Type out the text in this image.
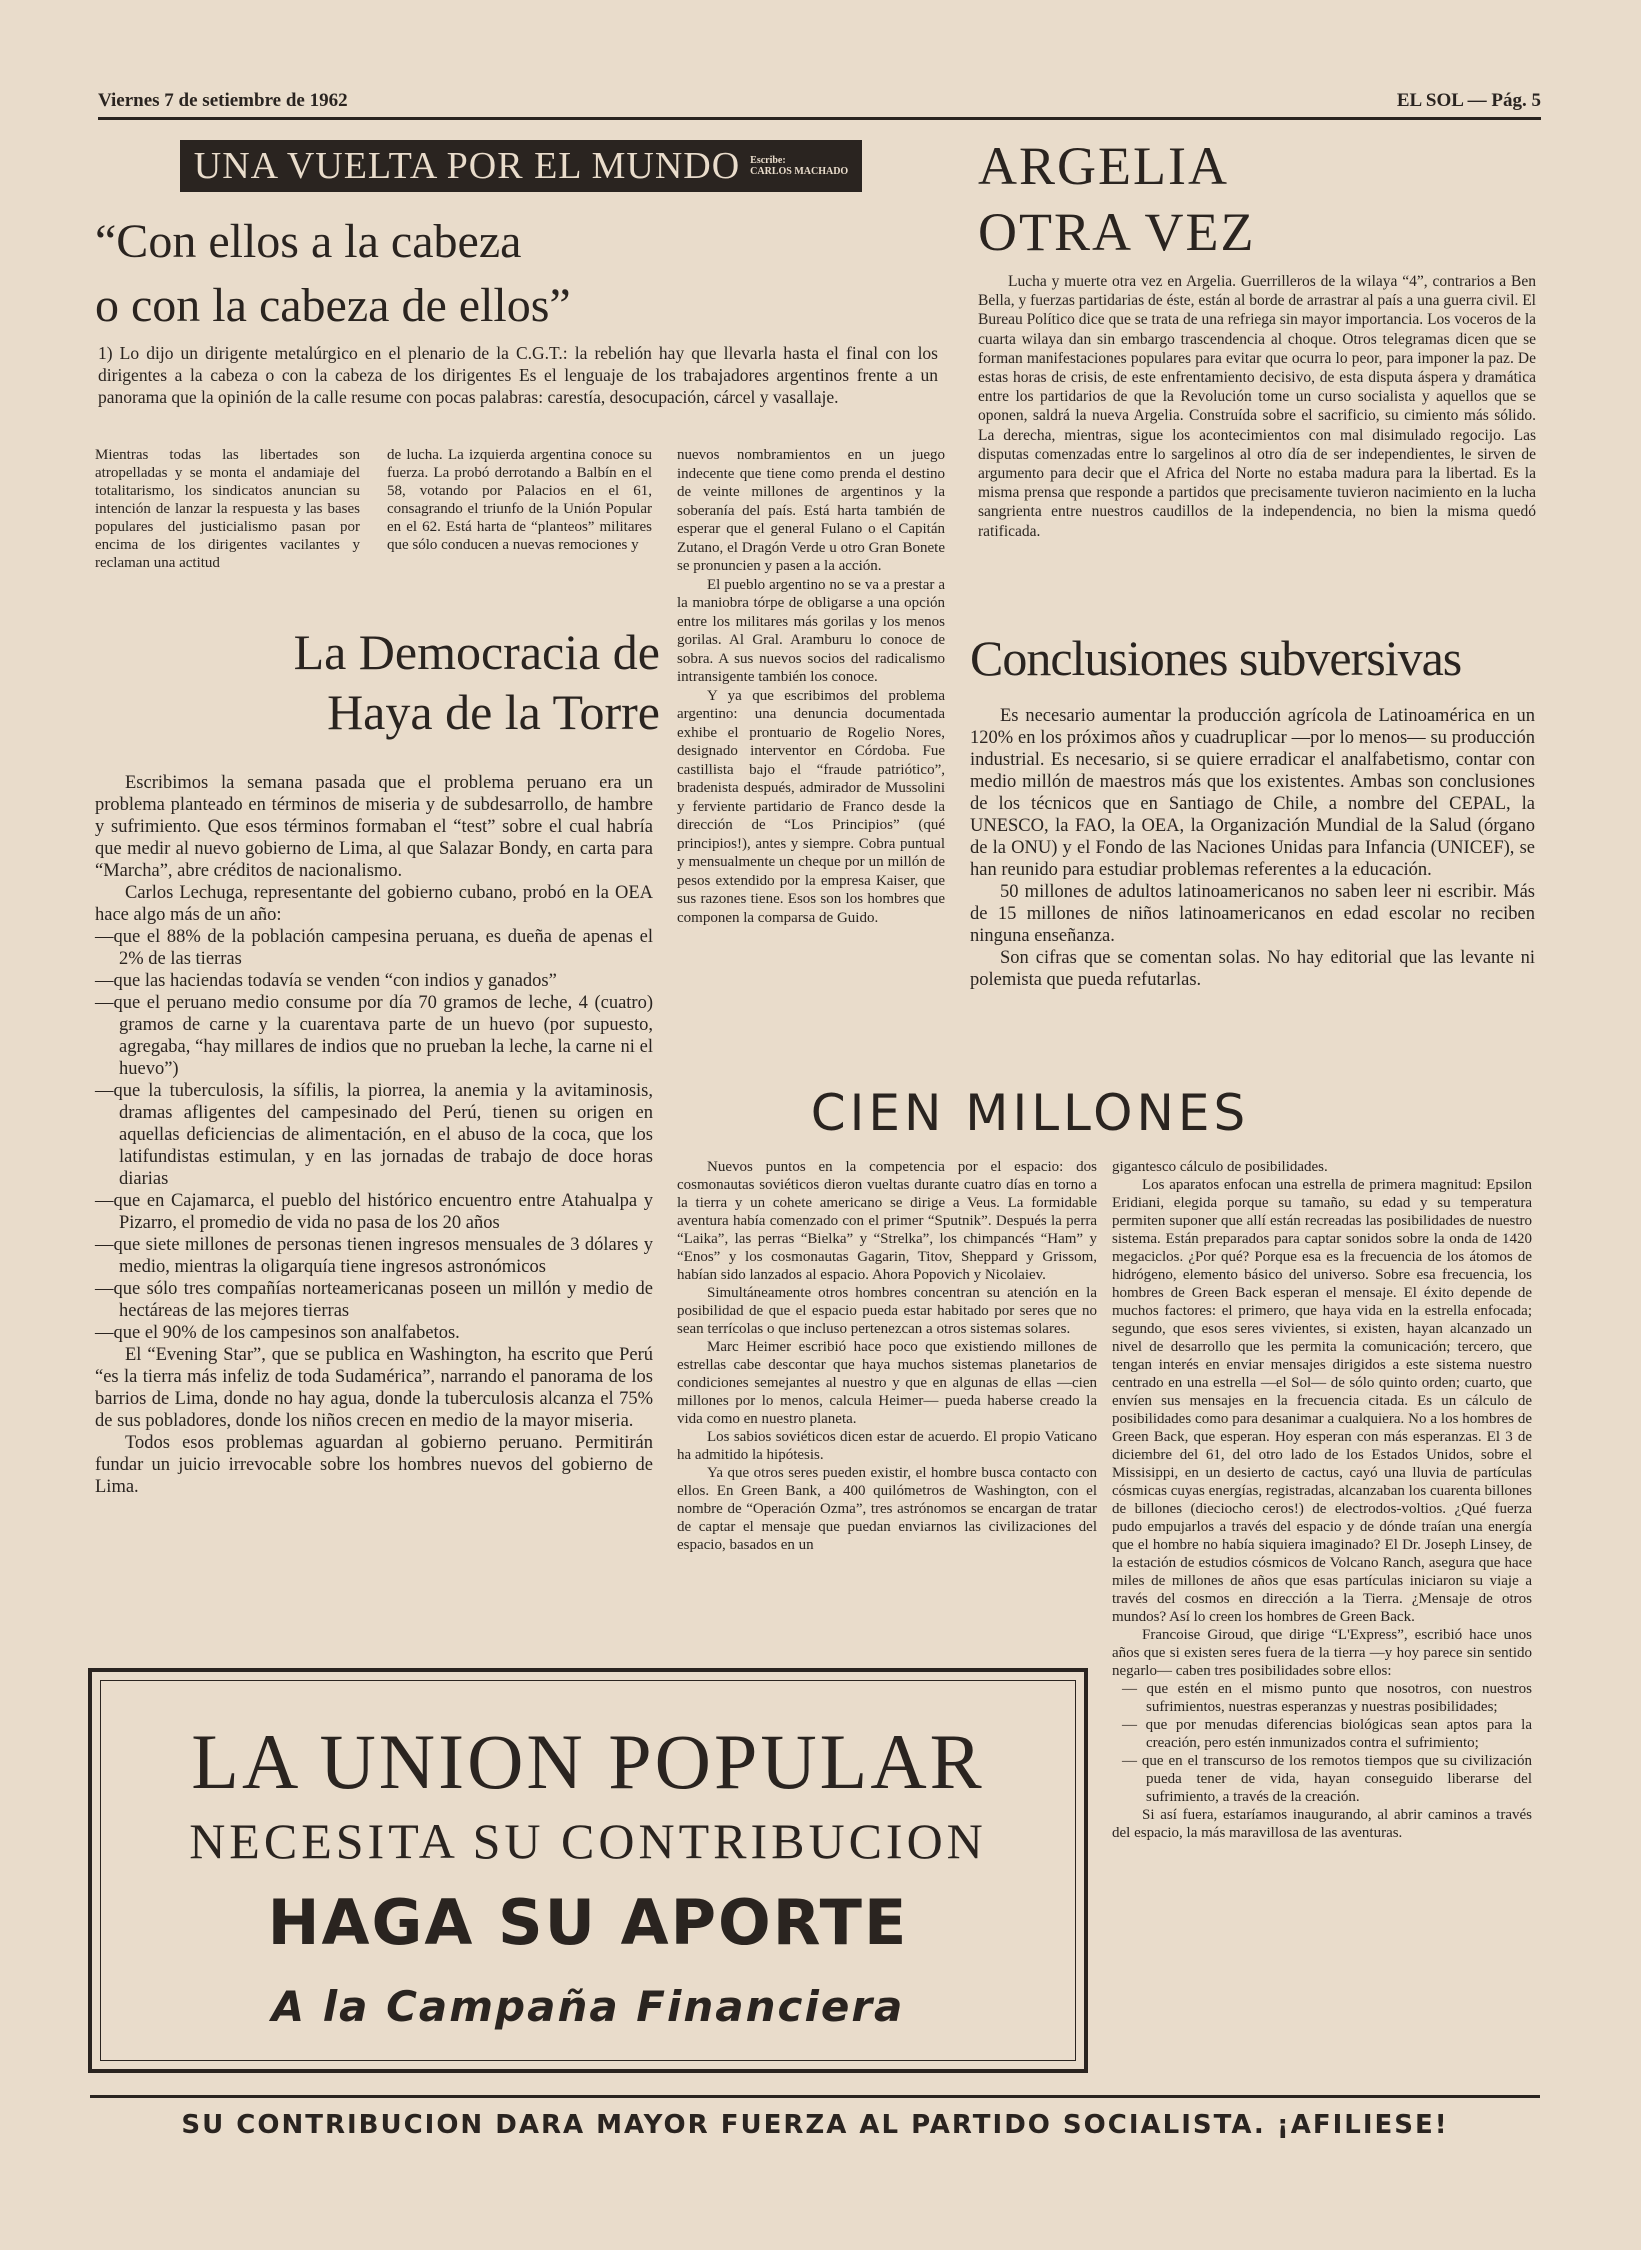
Viernes 7 de setiembre de 1962	EL SOL — Pág. 5
UNA VUELTA POR EL MUNDO Escribe:
CARLOS MACHADO
“Con ellos a la cabeza
o con la cabeza de ellos”

1) Lo dijo un dirigente metalúrgico en el plenario de la C.G.T.: la rebelión hay que llevarla hasta el final con los dirigentes a la cabeza o con la cabeza de los dirigentes Es el lenguaje de los trabajadores argentinos frente a un panorama que la opinión de la calle resume con pocas palabras: carestía, desocupación, cárcel y vasallaje.

Mientras todas las libertades son atropelladas y se monta el andamiaje del totalitarismo, los sindicatos anuncian su intención de lanzar la respuesta y las bases populares del justicialismo pasan por encima de los dirigentes vacilantes y reclaman una actitud

de lucha. La izquierda argentina conoce su fuerza. La probó derrotando a Balbín en el 58, votando por Palacios en el 61, consagrando el triunfo de la Unión Popular en el 62. Está harta de “planteos” militares que sólo conducen a nuevas remociones y

nuevos nombramientos en un juego indecente que tiene como prenda el destino de veinte millones de argentinos y la soberanía del país. Está harta también de esperar que el general Fulano o el Capitán Zutano, el Dragón Verde u otro Gran Bonete se pronuncien y pasen a la acción.

El pueblo argentino no se va a prestar a la maniobra tórpe de obligarse a una opción entre los militares más gorilas y los menos gorilas. Al Gral. Aramburu lo conoce de sobra. A sus nuevos socios del radicalismo intransigente también los conoce.

Y ya que escribimos del problema argentino: una denuncia documentada exhibe el prontuario de Rogelio Nores, designado interventor en Córdoba. Fue castillista bajo el “fraude patriótico”, bradenista después, admirador de Mussolini y ferviente partidario de Franco desde la dirección de “Los Principios” (qué principios!), antes y siempre. Cobra puntual y mensualmente un cheque por un millón de pesos extendido por la empresa Kaiser, que sus razones tiene. Esos son los hombres que componen la comparsa de Guido.

La Democracia de
Haya de la Torre

Escribimos la semana pasada que el problema peruano era un problema planteado en términos de miseria y de subdesarrollo, de hambre y sufrimiento. Que esos términos formaban el “test” sobre el cual habría que medir al nuevo gobierno de Lima, al que Salazar Bondy, en carta para “Marcha”, abre créditos de nacionalismo.

Carlos Lechuga, representante del gobierno cubano, probó en la OEA hace algo más de un año:

—que el 88% de la población campesina peruana, es dueña de apenas el 2% de las tierras

—que las haciendas todavía se venden “con indios y ganados”

—que el peruano medio consume por día 70 gramos de leche, 4 (cuatro) gramos de carne y la cuarentava parte de un huevo (por supuesto, agregaba, “hay millares de indios que no prueban la leche, la carne ni el huevo”)

—que la tuberculosis, la sífilis, la piorrea, la anemia y la avitaminosis, dramas afligentes del campesinado del Perú, tienen su origen en aquellas deficiencias de alimentación, en el abuso de la coca, que los latifundistas estimulan, y en las jornadas de trabajo de doce horas diarias

—que en Cajamarca, el pueblo del histórico encuentro entre Atahualpa y Pizarro, el promedio de vida no pasa de los 20 años

—que siete millones de personas tienen ingresos mensuales de 3 dólares y medio, mientras la oligarquía tiene ingresos astronómicos

—que sólo tres compañías norteamericanas poseen un millón y medio de hectáreas de las mejores tierras

—que el 90% de los campesinos son analfabetos.

El “Evening Star”, que se publica en Washington, ha escrito que Perú “es la tierra más infeliz de toda Sudamérica”, narrando el panorama de los barrios de Lima, donde no hay agua, donde la tuberculosis alcanza el 75% de sus pobladores, donde los niños crecen en medio de la mayor miseria.

Todos esos problemas aguardan al gobierno peruano. Permitirán fundar un juicio irrevocable sobre los hombres nuevos del gobierno de Lima.

ARGELIA
OTRA VEZ

Lucha y muerte otra vez en Argelia. Guerrilleros de la wilaya “4”, contrarios a Ben Bella, y fuerzas partidarias de éste, están al borde de arrastrar al país a una guerra civil. El Bureau Político dice que se trata de una refriega sin mayor importancia. Los voceros de la cuarta wilaya dan sin embargo trascendencia al choque. Otros telegramas dicen que se forman manifestaciones populares para evitar que ocurra lo peor, para imponer la paz. De estas horas de crisis, de este enfrentamiento decisivo, de esta disputa áspera y dramática entre los partidarios de que la Revolución tome un curso socialista y aquellos que se oponen, saldrá la nueva Argelia. Construída sobre el sacrificio, su cimiento más sólido. La derecha, mientras, sigue los acontecimientos con mal disimulado regocijo. Las disputas comenzadas entre lo sargelinos al otro día de ser independientes, le sirven de argumento para decir que el Africa del Norte no estaba madura para la libertad. Es la misma prensa que responde a partidos que precisamente tuvieron nacimiento en la lucha sangrienta entre nuestros caudillos de la independencia, no bien la misma quedó ratificada.

Conclusiones subversivas

Es necesario aumentar la producción agrícola de Latinoamérica en un 120% en los próximos años y cuadruplicar —por lo menos— su producción industrial. Es necesario, si se quiere erradicar el analfabetismo, contar con medio millón de maestros más que los existentes. Ambas son conclusiones de los técnicos que en Santiago de Chile, a nombre del CEPAL, la UNESCO, la FAO, la OEA, la Organización Mundial de la Salud (órgano de la ONU) y el Fondo de las Naciones Unidas para Infancia (UNICEF), se han reunido para estudiar problemas referentes a la educación.

50 millones de adultos latinoamericanos no saben leer ni escribir. Más de 15 millones de niños latinoamericanos en edad escolar no reciben ninguna enseñanza.

Son cifras que se comentan solas. No hay editorial que las levante ni polemista que pueda refutarlas.

CIEN MILLONES

Nuevos puntos en la competencia por el espacio: dos cosmonautas soviéticos dieron vueltas durante cuatro días en torno a la tierra y un cohete americano se dirige a Veus. La formidable aventura había comenzado con el primer “Sputnik”. Después la perra “Laika”, las perras “Bielka” y “Strelka”, los chimpancés “Ham” y “Enos” y los cosmonautas Gagarin, Titov, Sheppard y Grissom, habían sido lanzados al espacio. Ahora Popovich y Nicolaiev.

Simultáneamente otros hombres concentran su atención en la posibilidad de que el espacio pueda estar habitado por seres que no sean terrícolas o que incluso pertenezcan a otros sistemas solares.

Marc Heimer escribió hace poco que existiendo millones de estrellas cabe descontar que haya muchos sistemas planetarios de condiciones semejantes al nuestro y que en algunas de ellas —cien millones por lo menos, calcula Heimer— pueda haberse creado la vida como en nuestro planeta.

Los sabios soviéticos dicen estar de acuerdo. El propio Vaticano ha admitido la hipótesis.

Ya que otros seres pueden existir, el hombre busca contacto con ellos. En Green Bank, a 400 quilómetros de Washington, con el nombre de “Operación Ozma”, tres astrónomos se encargan de tratar de captar el mensaje que puedan enviarnos las civilizaciones del espacio, basados en un

gigantesco cálculo de posibilidades.

Los aparatos enfocan una estrella de primera magnitud: Epsilon Eridiani, elegida porque su tamaño, su edad y su temperatura permiten suponer que allí están recreadas las posibilidades de nuestro sistema. Están preparados para captar sonidos sobre la onda de 1420 megaciclos. ¿Por qué? Porque esa es la frecuencia de los átomos de hidrógeno, elemento básico del universo. Sobre esa frecuencia, los hombres de Green Back esperan el mensaje. El éxito depende de muchos factores: el primero, que haya vida en la estrella enfocada; segundo, que esos seres vivientes, si existen, hayan alcanzado un nivel de desarrollo que les permita la comunicación; tercero, que tengan interés en enviar mensajes dirigidos a este sistema nuestro centrado en una estrella —el Sol— de sólo quinto orden; cuarto, que envíen sus mensajes en la frecuencia citada. Es un cálculo de posibilidades como para desanimar a cualquiera. No a los hombres de Green Back, que esperan. Hoy esperan con más esperanzas. El 3 de diciembre del 61, del otro lado de los Estados Unidos, sobre el Missisippi, en un desierto de cactus, cayó una lluvia de partículas cósmicas cuyas energías, registradas, alcanzaban los cuarenta billones de billones (dieciocho ceros!) de electrodos-voltios. ¿Qué fuerza pudo empujarlos a través del espacio y de dónde traían una energía que el hombre no había siquiera imaginado? El Dr. Joseph Linsey, de la estación de estudios cósmicos de Volcano Ranch, asegura que hace miles de millones de años que esas partículas iniciaron su viaje a través del cosmos en dirección a la Tierra. ¿Mensaje de otros mundos? Así lo creen los hombres de Green Back.

Francoise Giroud, que dirige “L'Express”, escribió hace unos años que si existen seres fuera de la tierra —y hoy parece sin sentido negarlo— caben tres posibilidades sobre ellos:

— que estén en el mismo punto que nosotros, con nuestros sufrimientos, nuestras esperanzas y nuestras posibilidades;

— que por menudas diferencias biológicas sean aptos para la creación, pero estén inmunizados contra el sufrimiento;

— que en el transcurso de los remotos tiempos que su civilización pueda tener de vida, hayan conseguido liberarse del sufrimiento, a través de la creación.

Si así fuera, estaríamos inaugurando, al abrir caminos a través del espacio, la más maravillosa de las aventuras.

LA UNION POPULAR
NECESITA SU CONTRIBUCION
HAGA SU APORTE
A la Campaña Financiera
SU CONTRIBUCION DARA MAYOR FUERZA AL PARTIDO SOCIALISTA. ¡AFILIESE!
